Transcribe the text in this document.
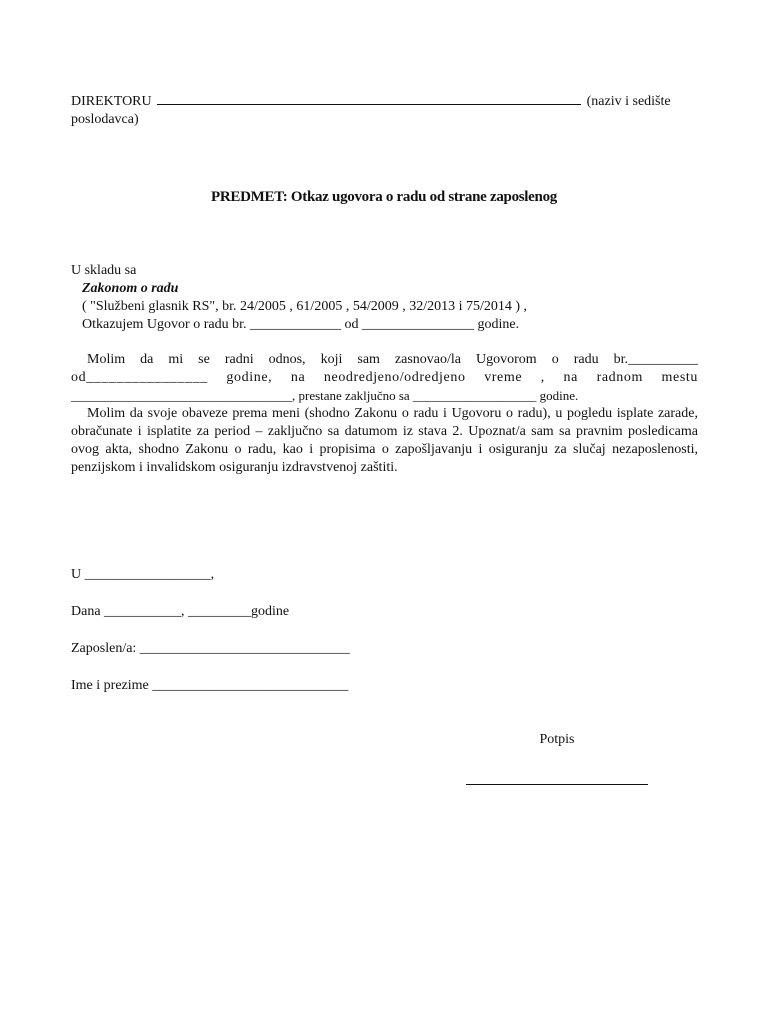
DIREKTORU	(naziv i sedište poslodavca)
PREDMET: Otkaz ugovora o radu od strane zaposlenog
U skladu sa
Zakonom o radu
( "Službeni glasnik RS", br. 24/2005 , 61/2005 , 54/2009 , 32/2013 i 75/2014 ) ,
Otkazujem Ugovor o radu br. _____________ od ________________ godine.

Molim da mi se radni odnos, koji sam zasnovao/la Ugovorom o radu br.__________

od________________ godine, na neodredjeno/odredjeno vreme , na radnom mestu
__________________________________, prestane zaključno sa ___________________ godine.

Molim da svoje obaveze prema meni (shodno Zakonu o radu i Ugovoru o radu), u pogledu isplate zarade, obračunate i isplatite za period – zaključno sa datumom iz stava 2. Upoznat/a sam sa pravnim posledicama ovog akta, shodno Zakonu o radu, kao i propisima o zapošljavanju i osiguranju za slučaj nezaposlenosti, penzijskom i invalidskom osiguranju izdravstvenoj zaštiti.

U __________________,
Dana ___________, _________godine
Zaposlen/a: ______________________________
Ime i prezime ____________________________
Potpis
